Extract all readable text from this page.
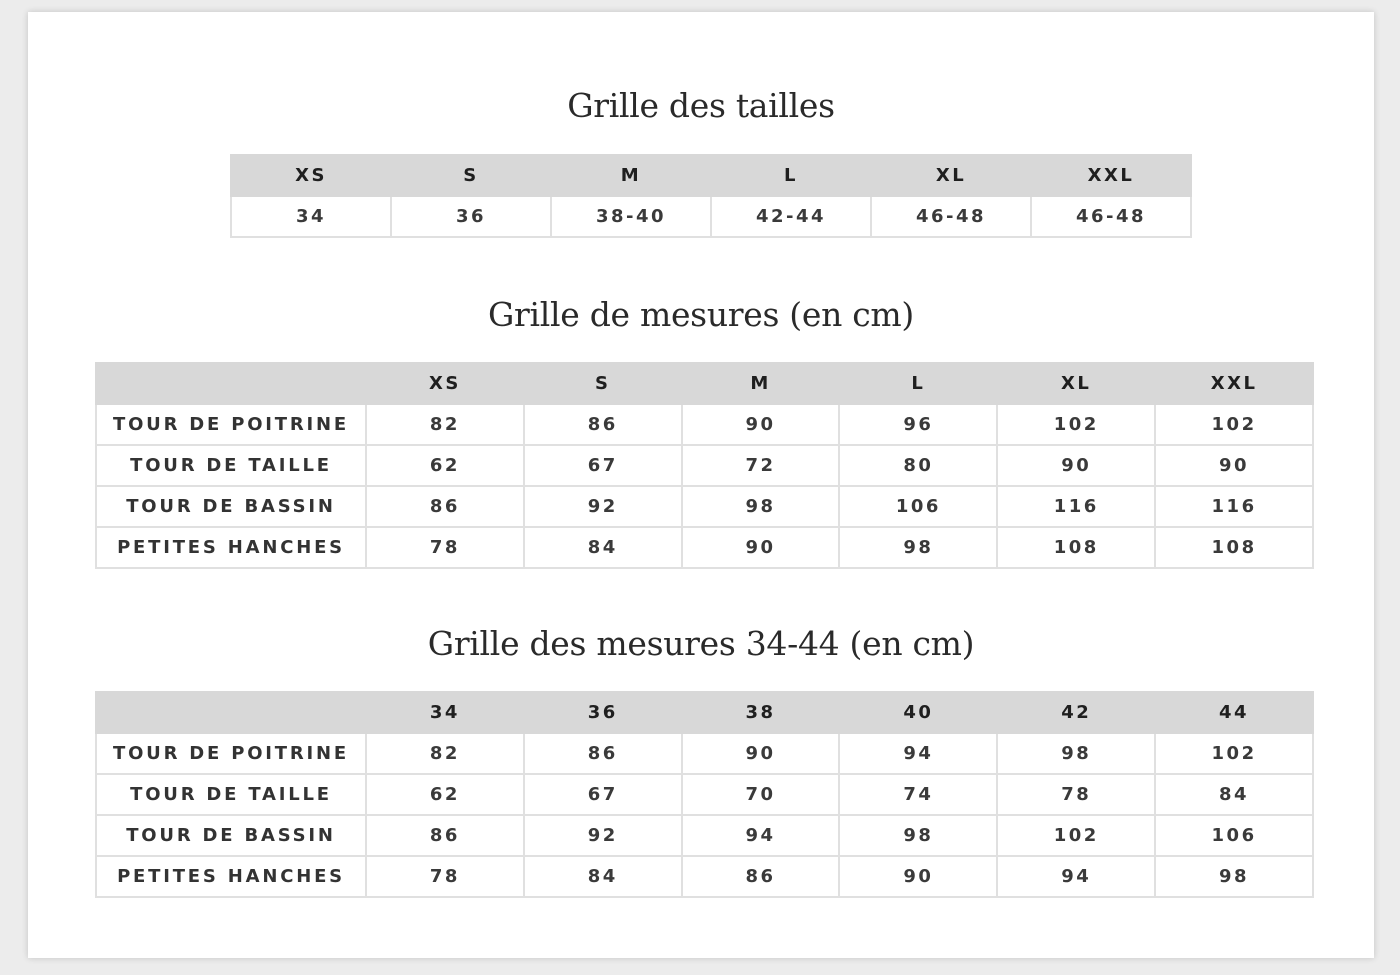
Grille des tailles
XS	S	M	L	XL	XXL
34	36	38-40	42-44	46-48	46-48
Grille de mesures (en cm)
	XS	S	M	L	XL	XXL
TOUR DE POITRINE	82	86	90	96	102	102
TOUR DE TAILLE	62	67	72	80	90	90
TOUR DE BASSIN	86	92	98	106	116	116
PETITES HANCHES	78	84	90	98	108	108
Grille des mesures 34-44 (en cm)
	34	36	38	40	42	44
TOUR DE POITRINE	82	86	90	94	98	102
TOUR DE TAILLE	62	67	70	74	78	84
TOUR DE BASSIN	86	92	94	98	102	106
PETITES HANCHES	78	84	86	90	94	98
